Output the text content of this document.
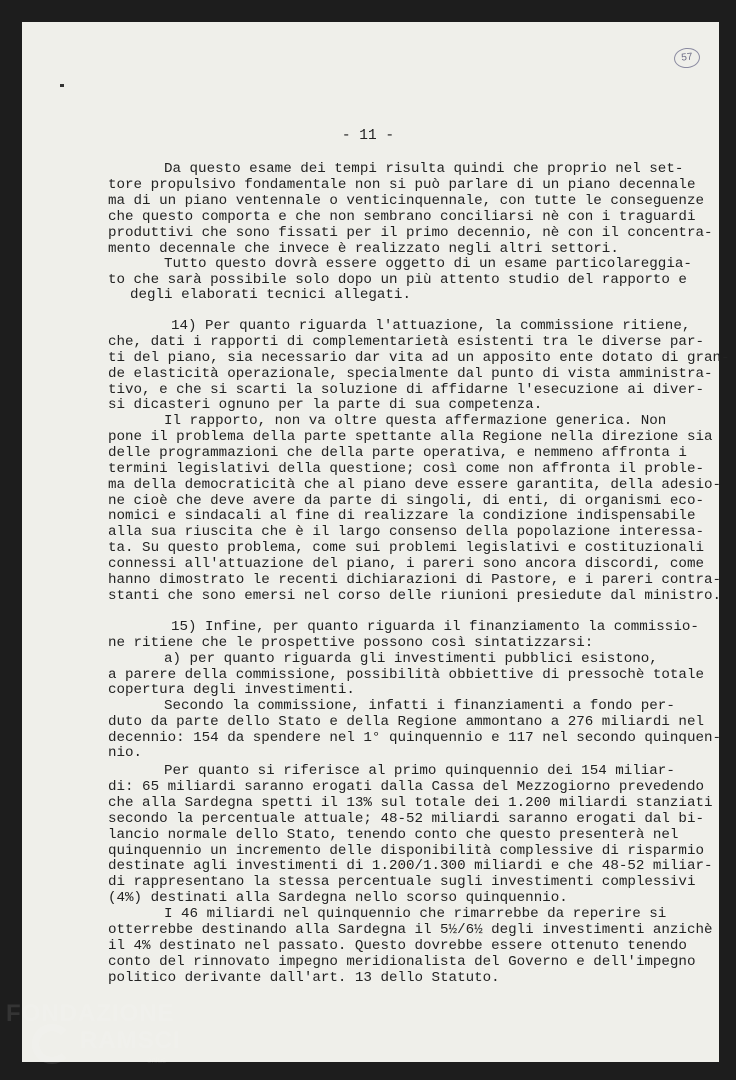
57
- 11 -
Da questo esame dei tempi risulta quindi che proprio nel set-
tore propulsivo fondamentale non si può parlare di un piano decennale
ma di un piano ventennale o venticinquennale, con tutte le conseguenze
che questo comporta e che non sembrano conciliarsi nè con i traguardi
produttivi che sono fissati per il primo decennio, nè con il concentra-
mento decennale che invece è realizzato negli altri settori.
Tutto questo dovrà essere oggetto di un esame particolareggia-
to che sarà possibile solo dopo un più attento studio del rapporto e
degli elaborati tecnici allegati.
14) Per quanto riguarda l'attuazione, la commissione ritiene,
che, dati i rapporti di complementarietà esistenti tra le diverse par-
ti del piano, sia necessario dar vita ad un apposito ente dotato di gran-
de elasticità operazionale, specialmente dal punto di vista amministra-
tivo, e che si scarti la soluzione di affidarne l'esecuzione ai diver-
si dicasteri ognuno per la parte di sua competenza.
Il rapporto, non va oltre questa affermazione generica. Non
pone il problema della parte spettante alla Regione nella direzione sia
delle programmazioni che della parte operativa, e nemmeno affronta i
termini legislativi della questione; così come non affronta il proble-
ma della democraticità che al piano deve essere garantita, della adesio-
ne cioè che deve avere da parte di singoli, di enti, di organismi eco-
nomici e sindacali al fine di realizzare la condizione indispensabile
alla sua riuscita che è il largo consenso della popolazione interessa-
ta. Su questo problema, come sui problemi legislativi e costituzionali
connessi all'attuazione del piano, i pareri sono ancora discordi, come
hanno dimostrato le recenti dichiarazioni di Pastore, e i pareri contra-
stanti che sono emersi nel corso delle riunioni presiedute dal ministro.
15) Infine, per quanto riguarda il finanziamento la commissio-
ne ritiene che le prospettive possono così sintatizzarsi:
a) per quanto riguarda gli investimenti pubblici esistono,
a parere della commissione, possibilità obbiettive di pressochè totale
copertura degli investimenti.
Secondo la commissione, infatti i finanziamenti a fondo per-
duto da parte dello Stato e della Regione ammontano a 276 miliardi nel
decennio: 154 da spendere nel 1° quinquennio e 117 nel secondo quinquen-
nio.
Per quanto si riferisce al primo quinquennio dei 154 miliar-
di: 65 miliardi saranno erogati dalla Cassa del Mezzogiorno prevedendo
che alla Sardegna spetti il 13% sul totale dei 1.200 miliardi stanziati
secondo la percentuale attuale; 48-52 miliardi saranno erogati dal bi-
lancio normale dello Stato, tenendo conto che questo presenterà nel
quinquennio un incremento delle disponibilità complessive di risparmio
destinate agli investimenti di 1.200/1.300 miliardi e che 48-52 miliar-
di rappresentano la stessa percentuale sugli investimenti complessivi
(4%) destinati alla Sardegna nello scorso quinquennio.
I 46 miliardi nel quinquennio che rimarrebbe da reperire si
otterrebbe destinando alla Sardegna il 5½/6½ degli investimenti anzichè
il 4% destinato nel passato. Questo dovrebbe essere ottenuto tenendo
conto del rinnovato impegno meridionalista del Governo e dell'impegno
politico derivante dall'art. 13 dello Statuto.
FONDAZIONE
RAMSCI
onlus
